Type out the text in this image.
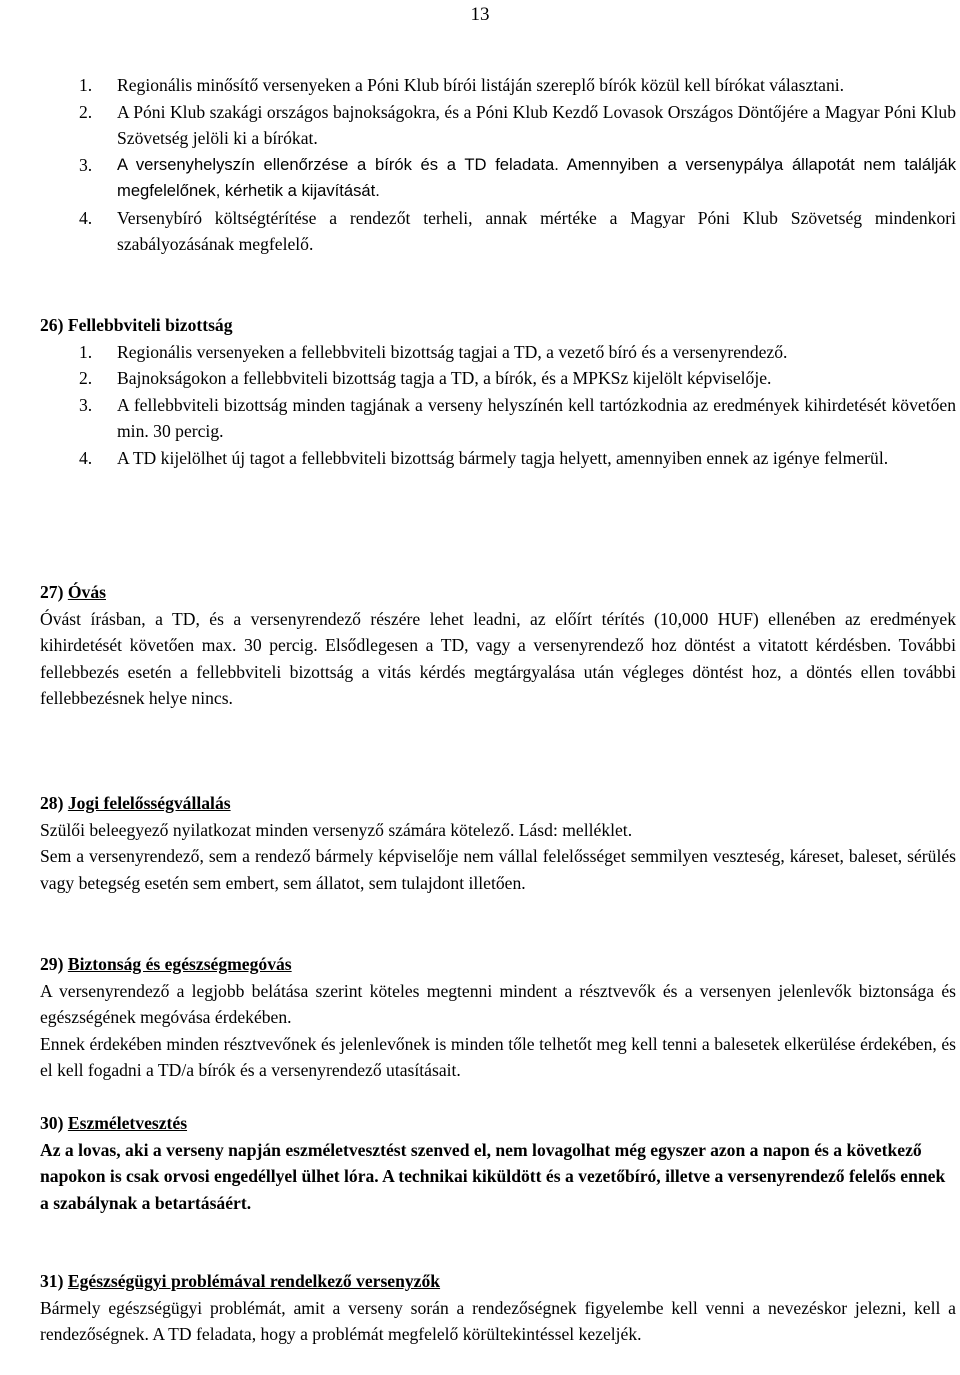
13
1. Regionális minősítő versenyeken a Póni Klub bírói listáján szereplő bírók közül kell bírókat választani.
2. A Póni Klub szakági országos bajnokságokra, és a Póni Klub Kezdő Lovasok Országos Döntőjére a Magyar Póni Klub Szövetség jelöli ki a bírókat.
3. A versenyhelyszín ellenőrzése a bírók és a TD feladata. Amennyiben a versenypálya állapotát nem találják megfelelőnek, kérhetik a kijavítását.
4. Versenybíró költségtérítése a rendezőt terheli, annak mértéke a Magyar Póni Klub Szövetség mindenkori szabályozásának megfelelő.
26) Fellebbviteli bizottság
1. Regionális versenyeken a fellebbviteli bizottság tagjai a TD, a vezető bíró és a versenyrendező.
2. Bajnokságokon a fellebbviteli bizottság tagja a TD, a bírók, és a MPKSz kijelölt képviselője.
3. A fellebbviteli bizottság minden tagjának a verseny helyszínén kell tartózkodnia az eredmények kihirdetését követően min. 30 percig.
4. A TD kijelölhet új tagot a fellebbviteli bizottság bármely tagja helyett, amennyiben ennek az igénye felmerül.
27) Óvás

Óvást írásban, a TD, és a versenyrendező részére lehet leadni, az előírt térítés (10,000 HUF) ellenében az eredmények kihirdetését követően max. 30 percig. Elsődlegesen a TD, vagy a versenyrendező hoz döntést a vitatott kérdésben. További fellebbezés esetén a fellebbviteli bizottság a vitás kérdés megtárgyalása után végleges döntést hoz, a döntés ellen további fellebbezésnek helye nincs.

28) Jogi felelősségvállalás

Szülői beleegyező nyilatkozat minden versenyző számára kötelező. Lásd: melléklet.

Sem a versenyrendező, sem a rendező bármely képviselője nem vállal felelősséget semmilyen veszteség, káreset, baleset, sérülés vagy betegség esetén sem embert, sem állatot, sem tulajdont illetően.

29) Biztonság és egészségmegóvás

A versenyrendező a legjobb belátása szerint köteles megtenni mindent a résztvevők és a versenyen jelenlevők biztonsága és egészségének megóvása érdekében.

Ennek érdekében minden résztvevőnek és jelenlevőnek is minden tőle telhetőt meg kell tenni a balesetek elkerülése érdekében, és el kell fogadni a TD/a bírók és a versenyrendező utasításait.

30) Eszméletvesztés

Az a lovas, aki a verseny napján eszméletvesztést szenved el, nem lovagolhat még egyszer azon a napon és a következő napokon is csak orvosi engedéllyel ülhet lóra. A technikai kiküldött és a vezetőbíró, illetve a versenyrendező felelős ennek a szabálynak a betartásáért.

31) Egészségügyi problémával rendelkező versenyzők

Bármely egészségügyi problémát, amit a verseny során a rendezőségnek figyelembe kell venni a nevezéskor jelezni, kell a rendezőségnek. A TD feladata, hogy a problémát megfelelő körültekintéssel kezeljék.
